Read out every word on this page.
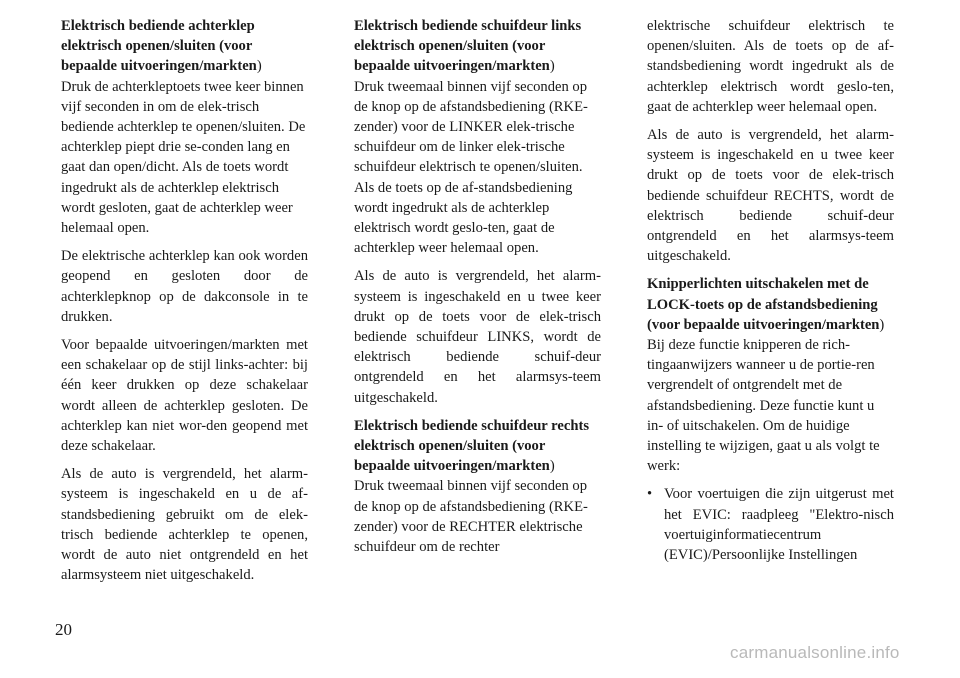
Elektrisch bediende achterklep elektrisch openen/sluiten (voor bepaalde uitvoeringen/markten)
Druk de achterkleptoets twee keer binnen vijf seconden in om de elek-trisch bediende achterklep te openen/sluiten. De achterklep piept drie se-conden lang en gaat dan open/dicht. Als de toets wordt ingedrukt als de achterklep elektrisch wordt gesloten, gaat de achterklep weer helemaal open.

De elektrische achterklep kan ook worden geopend en gesloten door de achterklepknop op de dakconsole in te drukken.

Voor bepaalde uitvoeringen/markten met een schakelaar op de stijl links-achter: bij één keer drukken op deze schakelaar wordt alleen de achterklep gesloten. De achterklep kan niet wor-den geopend met deze schakelaar.

Als de auto is vergrendeld, het alarm-systeem is ingeschakeld en u de af-standsbediening gebruikt om de elek-trisch bediende achterklep te openen, wordt de auto niet ontgrendeld en het alarmsysteem niet uitgeschakeld.

Elektrisch bediende schuifdeur links elektrisch openen/sluiten (voor bepaalde uitvoeringen/markten)
Druk tweemaal binnen vijf seconden op de knop op de afstandsbediening (RKE-zender) voor de LINKER elek-trische schuifdeur om de linker elek-trische schuifdeur elektrisch te openen/sluiten. Als de toets op de af-standsbediening wordt ingedrukt als de achterklep elektrisch wordt geslo-ten, gaat de achterklep weer helemaal open.

Als de auto is vergrendeld, het alarm-systeem is ingeschakeld en u twee keer drukt op de toets voor de elek-trisch bediende schuifdeur LINKS, wordt de elektrisch bediende schuif-deur ontgrendeld en het alarmsys-teem uitgeschakeld.

Elektrisch bediende schuifdeur rechts elektrisch openen/sluiten (voor bepaalde uitvoeringen/markten)
Druk tweemaal binnen vijf seconden op de knop op de afstandsbediening (RKE-zender) voor de RECHTER elektrische schuifdeur om de rechter

elektrische schuifdeur elektrisch te openen/sluiten. Als de toets op de af-standsbediening wordt ingedrukt als de achterklep elektrisch wordt geslo-ten, gaat de achterklep weer helemaal open.

Als de auto is vergrendeld, het alarm-systeem is ingeschakeld en u twee keer drukt op de toets voor de elek-trisch bediende schuifdeur RECHTS, wordt de elektrisch bediende schuif-deur ontgrendeld en het alarmsys-teem uitgeschakeld.

Knipperlichten uitschakelen met de LOCK-toets op de afstandsbediening (voor bepaalde uitvoeringen/markten)
Bij deze functie knipperen de rich-tingaanwijzers wanneer u de portie-ren vergrendelt of ontgrendelt met de afstandsbediening. Deze functie kunt u in- of uitschakelen. Om de huidige instelling te wijzigen, gaat u als volgt te werk:

• Voor voertuigen die zijn uitgerust met het EVIC: raadpleeg "Elektro-nisch voertuiginformatiecentrum (EVIC)/Persoonlijke Instellingen
20
carmanualsonline.info
